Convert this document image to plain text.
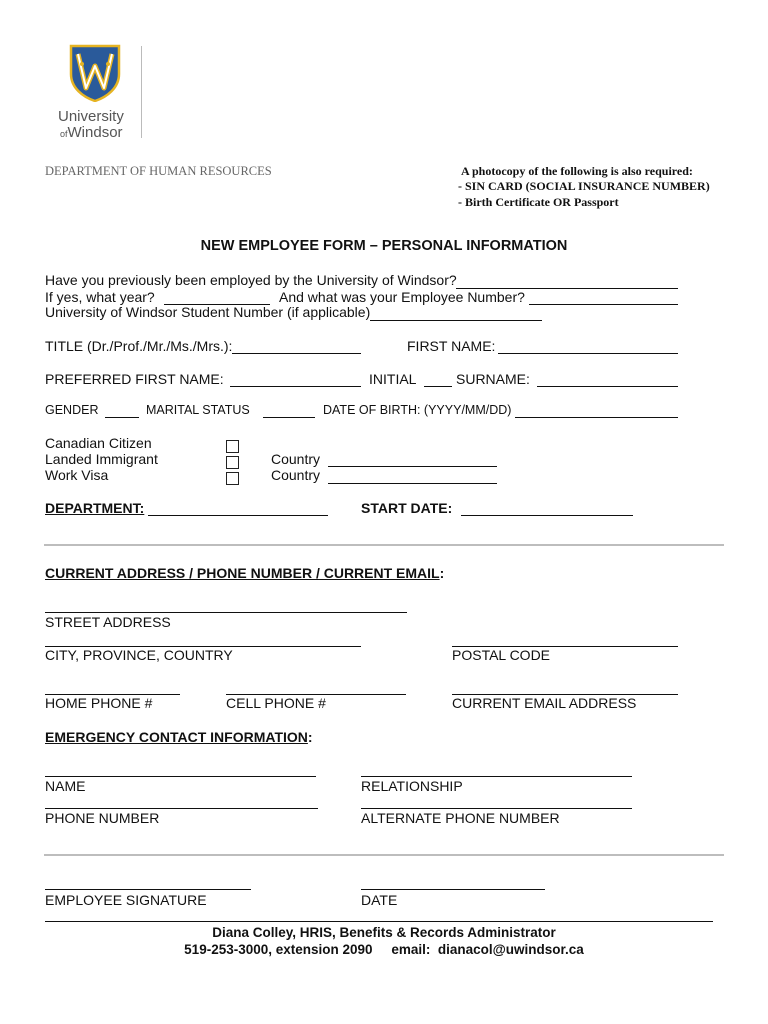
University
ofWindsor
DEPARTMENT OF HUMAN RESOURCES	A photocopy of the following is also required:
- SIN CARD (SOCIAL INSURANCE NUMBER)
- Birth Certificate OR Passport
NEW EMPLOYEE FORM – PERSONAL INFORMATION
Have you previously been employed by the University of Windsor?
If yes, what year?	And what was your Employee Number?
University of Windsor Student Number (if applicable)
TITLE (Dr./Prof./Mr./Ms./Mrs.):	FIRST NAME:
PREFERRED FIRST NAME:	INITIAL	SURNAME:
GENDER	MARITAL STATUS	DATE OF BIRTH: (YYYY/MM/DD)
Canadian Citizen
Landed Immigrant	Country
Work Visa	Country
DEPARTMENT:	START DATE:
CURRENT ADDRESS / PHONE NUMBER / CURRENT EMAIL:
STREET ADDRESS
CITY, PROVINCE, COUNTRY	POSTAL CODE
HOME PHONE #	CELL PHONE #	CURRENT EMAIL ADDRESS
EMERGENCY CONTACT INFORMATION:
NAME	RELATIONSHIP
PHONE NUMBER	ALTERNATE PHONE NUMBER
EMPLOYEE SIGNATURE	DATE
Diana Colley, HRIS, Benefits & Records Administrator
519-253-3000, extension 2090 email: dianacol@uwindsor.ca
